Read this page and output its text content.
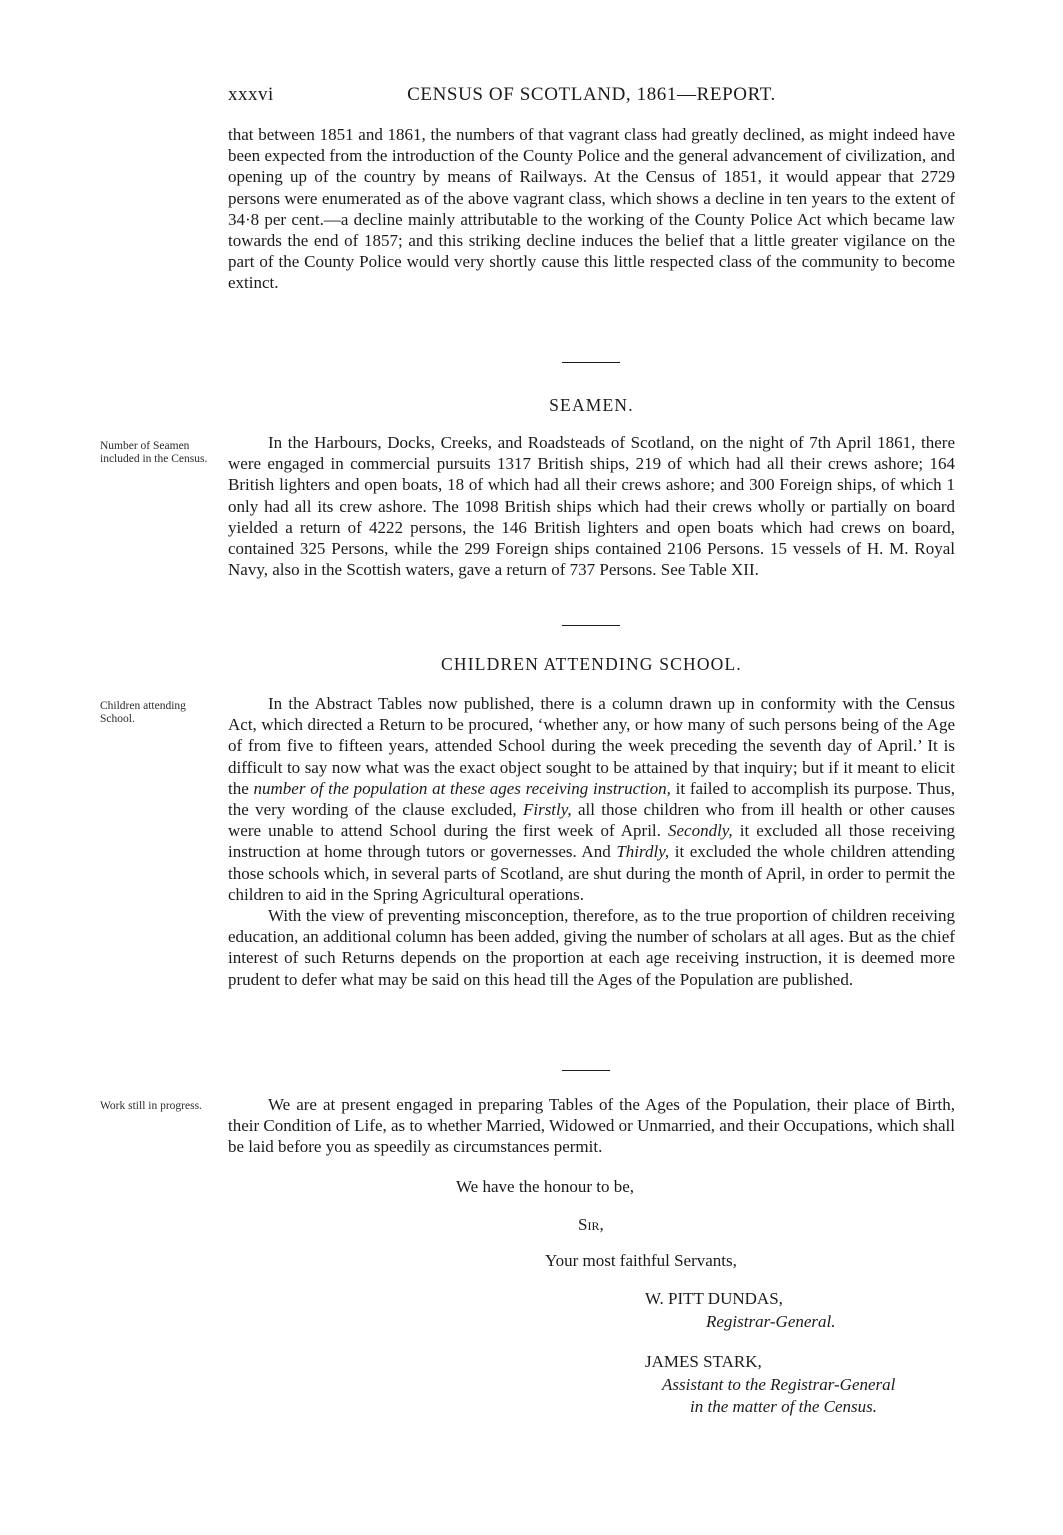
xxxvi	CENSUS OF SCOTLAND, 1861—REPORT.

that between 1851 and 1861, the numbers of that vagrant class had greatly declined, as might indeed have been expected from the introduction of the County Police and the general advancement of civilization, and opening up of the country by means of Railways. At the Census of 1851, it would appear that 2729 persons were enumerated as of the above vagrant class, which shows a decline in ten years to the extent of 34·8 per cent.—a decline mainly attributable to the working of the County Police Act which became law towards the end of 1857; and this striking decline induces the belief that a little greater vigilance on the part of the County Police would very shortly cause this little respected class of the community to become extinct.

SEAMEN.
Number of Seamen included in the Census.

In the Harbours, Docks, Creeks, and Roadsteads of Scotland, on the night of 7th April 1861, there were engaged in commercial pursuits 1317 British ships, 219 of which had all their crews ashore; 164 British lighters and open boats, 18 of which had all their crews ashore; and 300 Foreign ships, of which 1 only had all its crew ashore. The 1098 British ships which had their crews wholly or partially on board yielded a return of 4222 persons, the 146 British lighters and open boats which had crews on board, contained 325 Persons, while the 299 Foreign ships contained 2106 Persons. 15 vessels of H. M. Royal Navy, also in the Scottish waters, gave a return of 737 Persons. See Table XII.

CHILDREN ATTENDING SCHOOL.
Children attending School.

In the Abstract Tables now published, there is a column drawn up in conformity with the Census Act, which directed a Return to be procured, ‘whether any, or how many of such persons being of the Age of from five to fifteen years, attended School during the week preceding the seventh day of April.’ It is difficult to say now what was the exact object sought to be attained by that inquiry; but if it meant to elicit the number of the population at these ages receiving instruction, it failed to accomplish its purpose. Thus, the very wording of the clause excluded, Firstly, all those children who from ill health or other causes were unable to attend School during the first week of April. Secondly, it excluded all those receiving instruction at home through tutors or governesses. And Thirdly, it excluded the whole children attending those schools which, in several parts of Scotland, are shut during the month of April, in order to permit the children to aid in the Spring Agricultural operations.

With the view of preventing misconception, therefore, as to the true proportion of children receiving education, an additional column has been added, giving the number of scholars at all ages. But as the chief interest of such Returns depends on the proportion at each age receiving instruction, it is deemed more prudent to defer what may be said on this head till the Ages of the Population are published.

Work still in progress.	We are at present engaged in preparing Tables of the Ages of the Population, their place of Birth, their Condition of Life, as to whether Married, Widowed or Unmarried, and their Occupations, which shall be laid before you as speedily as circumstances permit.

We have the honour to be,
Sir,
Your most faithful Servants,
W. PITT DUNDAS,
Registrar-General.
JAMES STARK,
Assistant to the Registrar-General
in the matter of the Census.
